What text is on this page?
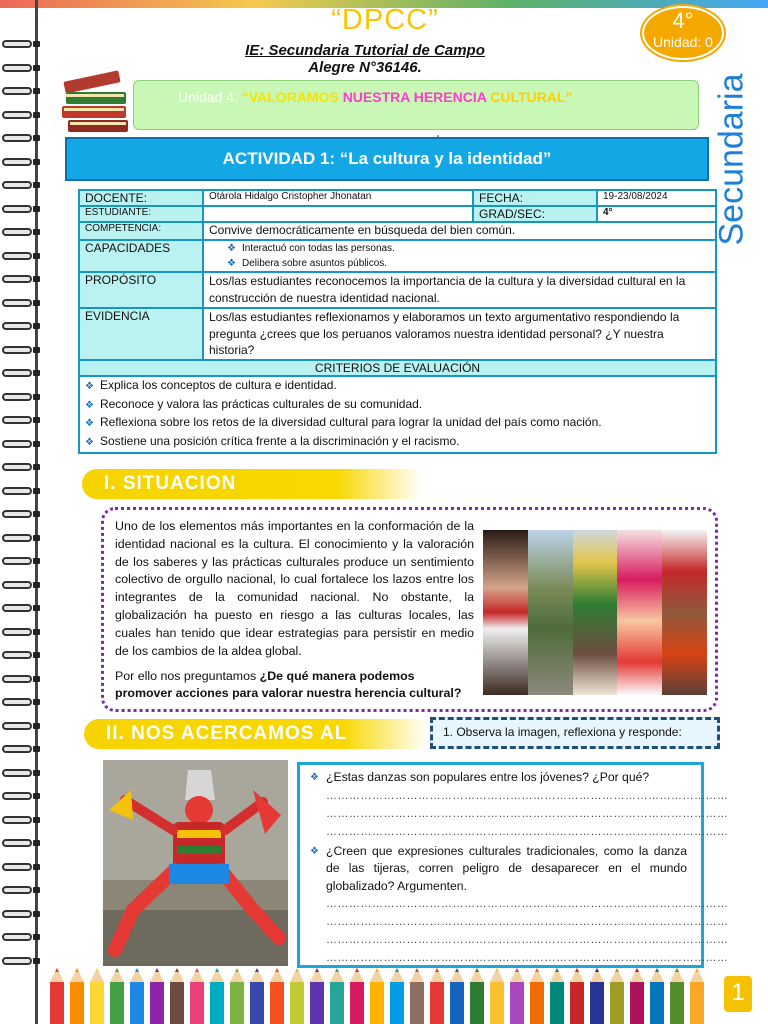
“DPCC”
IE: Secundaria Tutorial de Campo
Alegre N°36146.
4°
Unidad: 0
Secundaria
Unidad 4: “VALORAMOS NUESTRA HERENCIA CULTURAL”
ACTIVIDAD 1: “La cultura y la identidad”
DOCENTE:	Otárola Hidalgo Cristopher Jhonatan	FECHA:	19-23/08/2024
ESTUDIANTE:		GRAD/SEC:	4°
COMPETENCIA:	Convive democráticamente en búsqueda del bien común.		
CAPACIDADES	❖ Interactuó con todas las personas.
❖ Delibera sobre asuntos públicos.		

PROPÓSITO	Los/las estudiantes reconocemos la importancia de la cultura y la diversidad cultural en la construcción de nuestra identidad nacional.		
EVIDENCIA	Los/las estudiantes reflexionamos y elaboramos un texto argumentativo respondiendo la pregunta ¿crees que los peruanos valoramos nuestra identidad personal? ¿Y nuestra historia?		
CRITERIOS DE EVALUACIÓN			

❖ Explica los conceptos de cultura e identidad.
❖ Reconoce y valora las prácticas culturales de su comunidad.
❖ Reflexiona sobre los retos de la diversidad cultural para lograr la unidad del país como nación.
❖ Sostiene una posición crítica frente a la discriminación y el racismo.			
I. SITUACION
Uno de los elementos más importantes en la conformación de la identidad nacional es la cultura. El conocimiento y la valoración de los saberes y las prácticas culturales produce un sentimiento colectivo de orgullo nacional, lo cual fortalece los lazos entre los integrantes de la comunidad nacional. No obstante, la globalización ha puesto en riesgo a las culturas locales, las cuales han tenido que idear estrategias para persistir en medio de los cambios de la aldea global.
Por ello nos preguntamos ¿De qué manera podemos promover acciones para valorar nuestra herencia cultural?
II. NOS ACERCAMOS AL	1. Observa la imagen, reflexiona y responde:
❖ ¿Estas danzas son populares entre los jóvenes? ¿Por qué?
……………………………………………………………………………………………
……………………………………………………………………………………………
……………………………………………………………………………………………
❖ ¿Creen que expresiones culturales tradicionales, como la danza de las tijeras, corren peligro de desaparecer en el mundo globalizado? Argumenten.
……………………………………………………………………………………………
……………………………………………………………………………………………
……………………………………………………………………………………………
……………………………………………………………………………………………
1
